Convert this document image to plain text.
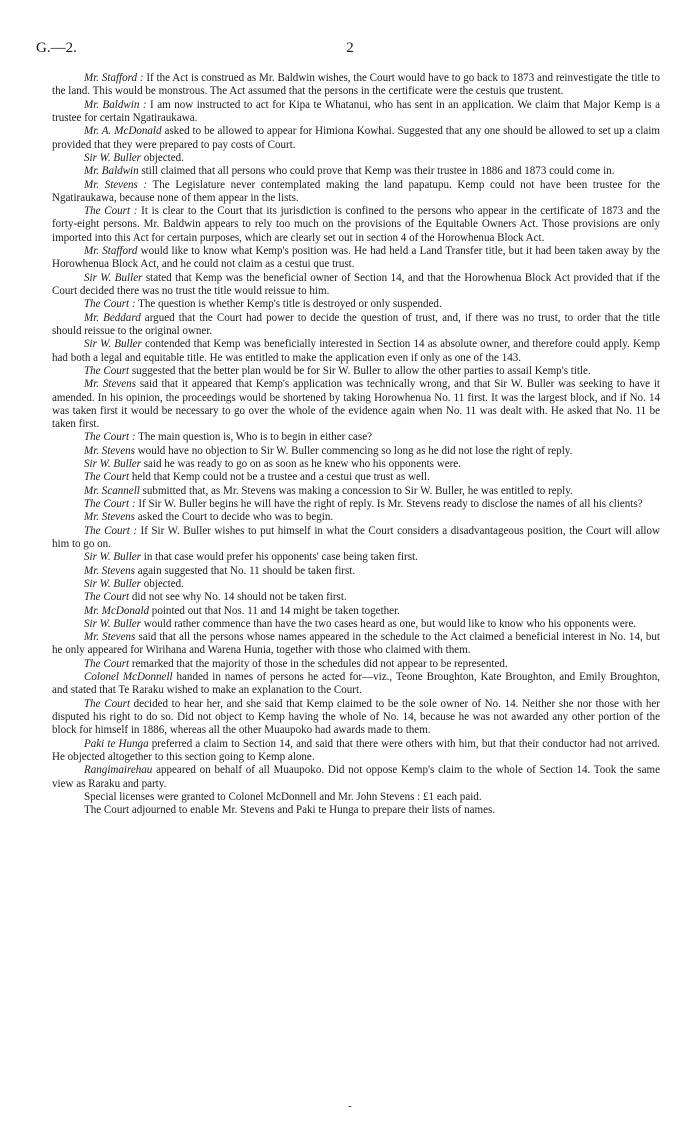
G.—2.	2

Mr. Stafford : If the Act is construed as Mr. Baldwin wishes, the Court would have to go back to 1873 and reinvestigate the title to the land. This would be monstrous. The Act assumed that the persons in the certificate were the cestuis que trustent.

Mr. Baldwin : I am now instructed to act for Kipa te Whatanui, who has sent in an application. We claim that Major Kemp is a trustee for certain Ngatiraukawa.

Mr. A. McDonald asked to be allowed to appear for Himiona Kowhai. Suggested that any one should be allowed to set up a claim provided that they were prepared to pay costs of Court.

Sir W. Buller objected.

Mr. Baldwin still claimed that all persons who could prove that Kemp was their trustee in 1886 and 1873 could come in.

Mr. Stevens : The Legislature never contemplated making the land papatupu. Kemp could not have been trustee for the Ngatiraukawa, because none of them appear in the lists.

The Court : It is clear to the Court that its jurisdiction is confined to the persons who appear in the certificate of 1873 and the forty-eight persons. Mr. Baldwin appears to rely too much on the provisions of the Equitable Owners Act. Those provisions are only imported into this Act for certain purposes, which are clearly set out in section 4 of the Horowhenua Block Act.

Mr. Stafford would like to know what Kemp's position was. He had held a Land Transfer title, but it had been taken away by the Horowhenua Block Act, and he could not claim as a cestui que trust.

Sir W. Buller stated that Kemp was the beneficial owner of Section 14, and that the Horowhenua Block Act provided that if the Court decided there was no trust the title would reissue to him.

The Court : The question is whether Kemp's title is destroyed or only suspended.

Mr. Beddard argued that the Court had power to decide the question of trust, and, if there was no trust, to order that the title should reissue to the original owner.

Sir W. Buller contended that Kemp was beneficially interested in Section 14 as absolute owner, and therefore could apply. Kemp had both a legal and equitable title. He was entitled to make the application even if only as one of the 143.

The Court suggested that the better plan would be for Sir W. Buller to allow the other parties to assail Kemp's title.

Mr. Stevens said that it appeared that Kemp's application was technically wrong, and that Sir W. Buller was seeking to have it amended. In his opinion, the proceedings would be shortened by taking Horowhenua No. 11 first. It was the largest block, and if No. 14 was taken first it would be necessary to go over the whole of the evidence again when No. 11 was dealt with. He asked that No. 11 be taken first.

The Court : The main question is, Who is to begin in either case?

Mr. Stevens would have no objection to Sir W. Buller commencing so long as he did not lose the right of reply.

Sir W. Buller said he was ready to go on as soon as he knew who his opponents were.

The Court held that Kemp could not be a trustee and a cestui que trust as well.

Mr. Scannell submitted that, as Mr. Stevens was making a concession to Sir W. Buller, he was entitled to reply.

The Court : If Sir W. Buller begins he will have the right of reply. Is Mr. Stevens ready to disclose the names of all his clients?

Mr. Stevens asked the Court to decide who was to begin.

The Court : If Sir W. Buller wishes to put himself in what the Court considers a disadvantageous position, the Court will allow him to go on.

Sir W. Buller in that case would prefer his opponents' case being taken first.

Mr. Stevens again suggested that No. 11 should be taken first.

Sir W. Buller objected.

The Court did not see why No. 14 should not be taken first.

Mr. McDonald pointed out that Nos. 11 and 14 might be taken together.

Sir W. Buller would rather commence than have the two cases heard as one, but would like to know who his opponents were.

Mr. Stevens said that all the persons whose names appeared in the schedule to the Act claimed a beneficial interest in No. 14, but he only appeared for Wirihana and Warena Hunia, together with those who claimed with them.

The Court remarked that the majority of those in the schedules did not appear to be represented.

Colonel McDonnell handed in names of persons he acted for—viz., Teone Broughton, Kate Broughton, and Emily Broughton, and stated that Te Raraku wished to make an explanation to the Court.

The Court decided to hear her, and she said that Kemp claimed to be the sole owner of No. 14. Neither she nor those with her disputed his right to do so. Did not object to Kemp having the whole of No. 14, because he was not awarded any other portion of the block for himself in 1886, whereas all the other Muaupoko had awards made to them.

Paki te Hunga preferred a claim to Section 14, and said that there were others with him, but that their conductor had not arrived. He objected altogether to this section going to Kemp alone.

Rangimairehau appeared on behalf of all Muaupoko. Did not oppose Kemp's claim to the whole of Section 14. Took the same view as Raraku and party.

Special licenses were granted to Colonel McDonnell and Mr. John Stevens : £1 each paid.

The Court adjourned to enable Mr. Stevens and Paki te Hunga to prepare their lists of names.

-
